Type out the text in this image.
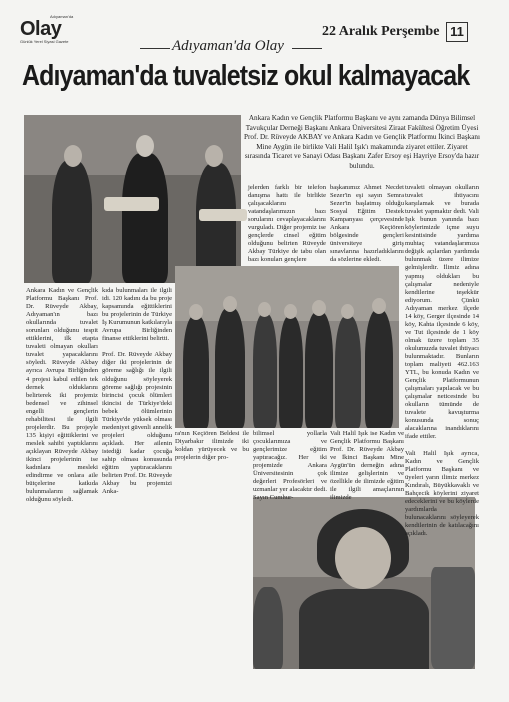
Adıyaman'da
Olay
Günlük Yerel Siyasi Gazete	Adıyaman'da Olay
22 Aralık Perşembe 11
Adıyaman'da tuvaletsiz okul kalmayacak
Ankara Kadın ve Gençlik Platformu Başkanı ve aynı zamanda Dünya Bilimsel Tavukçular Derneği Başkanı Ankara Üniversitesi Ziraat Fakültesi Öğretim Üyesi Prof. Dr. Rüveyde AKBAY ve Ankara Kadın ve Gençlik Platformu İkinci Başkanı Mine Aygün ile birlikte Vali Halil Işık'ı makamında ziyaret ettiler. Ziyaret sırasında Ticaret ve Sanayi Odası Başkanı Zafer Ersoy eşi Hayriye Ersoy'da hazır bulundu.
Ankara Kadın ve Gençlik Platformu Başkanı Prof. Dr. Rüveyde Akbay, Adıyaman'ın bazı okullarında tuvalet sorunları olduğunu tespit ettiklerini, ilk etapta tuvaleti olmayan okulları tuvalet yapacaklarını söyledi. Rüveyde Akbay ayrıca Avrupa Birliğinden 4 projesi kabul edilen tek dernek olduklarını belirterek iki projemiz bedensel ve zihinsel engelli gençlerin rehabilitesi ile ilgili projelerdir. Bu projeyle 135 kişiyi eğittiklerini ve meslek sahibi yaptıklarını açıklayan Rüveyde Akbay ikinci projelerinin ise kadınlara mesleki edindirme ve onlara aile bütçelerine katkıda bulunmalarını sağlamak olduğunu söyledi.
kıda bulunmaları ile ilgili idi. 120 kadını da bu proje kapsamında eğittiklerini bu projelerinin de Türkiye İş Kurumunun katkılarıyla Avrupa Birliğinden finanse ettiklerini belirtti.

Prof. Dr. Rüveyde Akbay diğer iki projelerinin de göreme sağlığı ile ilgili olduğunu söyleyerek göreme sağlığı projesinin birincisi çocuk ölümleri ikincisi de Türkiye'deki bebek ölümlerinin Türkiye'de yüksek olması medeniyet güvenli annelik projeleri olduğunu açıkladı. Her ailenin istediği kadar çocuğa sahip olması konusunda eğitim yaptıracaklarını belirten Prof. Dr. Rüveyde Akbay bu projemizi Anka-
jelerden farklı bir telefon danışma hattı ile birlikte çalışacaklarını vatandaşlarımızın bazı sorularını cevaplayacaklarını vurguladı. Diğer projemiz ise gençlerde cinsel eğitim olduğunu belirten Rüveyde Akbay Türkiye de tabu olan bazı konuları gençlere
başkanımız Ahmet Necdet Sezer'in eşi sayın Semra Sezer'in başlatmış olduğu Sosyal Eğitim Destek Kampanyası çerçevesinde Ankara Keçiören bölgesinde gençleri üniversiteye giriş sınavlarına hazırladıklarını da sözlerine ekledi.
tuvaleti olmayan okulların tuvalet ihtiyacını karşılamak ve burada tuvalet yapmaktır dedi. Vali Işık bunun yanında bazı köylerimizde içme suyu kesintisinde yardıma muhtaç vatandaşlarımıza değişik açılardan yardımda bulunmak üzere ilimize gelmişlerdir. İlimiz adına yapmış oldukları bu çalışmalar nedeniyle kendilerine teşekkür ediyorum. Çünkü Adıyaman merkez ilçede 14 köy, Gerger ilçesinde 14 köy, Kahta ilçesinde 6 köy, ve Tut ilçesinde de 1 köy olmak üzere toplam 35 okulumuzda tuvalet ihtiyacı bulunmaktadır. Bunların toplam maliyeti 462.163 YTL, bu konuda Kadın ve Gençlik Platformunun çalışmaları yapılacak ve bu çalışmalar neticesinde bu okulların tümünde de tuvalete kavuşturma konusunda sonuç alacaklarına inandıklarını ifade ettiler.

Vali Halil Işık ayrıca, Kadın ve Gençlik Platformu Başkanı ve üyeleri yarın ilimiz merkez Kındıralı, Büyükkavaklı ve Bahçecik köylerini ziyaret edeceklerini ve bu köylerde yardımlarda bulunacaklarını söyleyerek kendilerinin de katılacağını açıkladı.
ra'nın Keçiören Beldesi ile Diyarbakır ilimizde iki koldan yürüyecek ve bu projelerin diğer pro-
bilimsel yollarla çocuklarımıza ve gençlerimize eğitim yaptıracağız. Her iki projemizde Ankara Üniversitesinin çok değerleri Profesörleri ve uzmanlar yer alacaktır dedi. Sayın Cumhur-
Vali Halil Işık ise Kadın ve Gençlik Platformu Başkanı Prof. Dr. Rüveyde Akbay ve İkinci Başkanı Mine Aygün'ün derneğin adına ilimize gelişlerinin ve özellikle de ilimizde eğitim ile ilgili amaçlarının ilimizde
